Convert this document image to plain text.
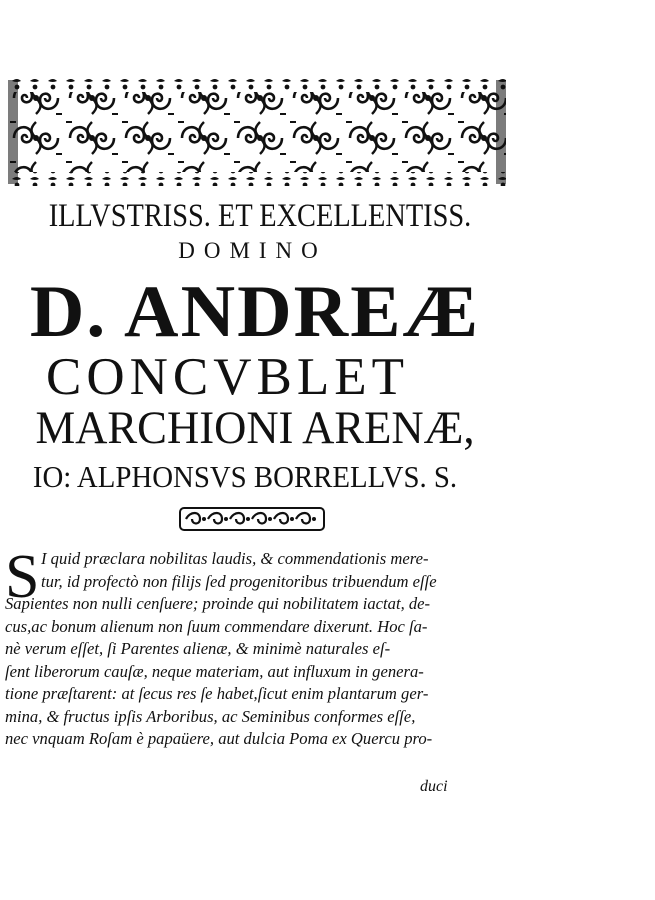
ILLVSTRISS. ET EXCELLENTISS.
DOMINO
D. ANDREÆ
CONCVBLET
MARCHIONI ARENÆ,
IO: ALPHONSVS BORRELLVS. S.
S I quid præclara nobilitas laudis, & commendationis mere-
tur, id profectò non filijs ſed progenitoribus tribuendum eſſe
Sapientes non nulli cenſuere; proinde qui nobilitatem iactat, de-
cus,ac bonum alienum non ſuum commendare dixerunt. Hoc ſa-
nè verum eſſet, ſi Parentes alienæ, & minimè naturales eſ-
ſent liberorum cauſæ, neque materiam, aut influxum in genera-
tione præſtarent: at ſecus res ſe habet,ſicut enim plantarum ger-
mina, & fructus ipſis Arboribus, ac Seminibus conformes eſſe,
nec vnquam Roſam è papaüere, aut dulcia Poma ex Quercu pro-
duci
